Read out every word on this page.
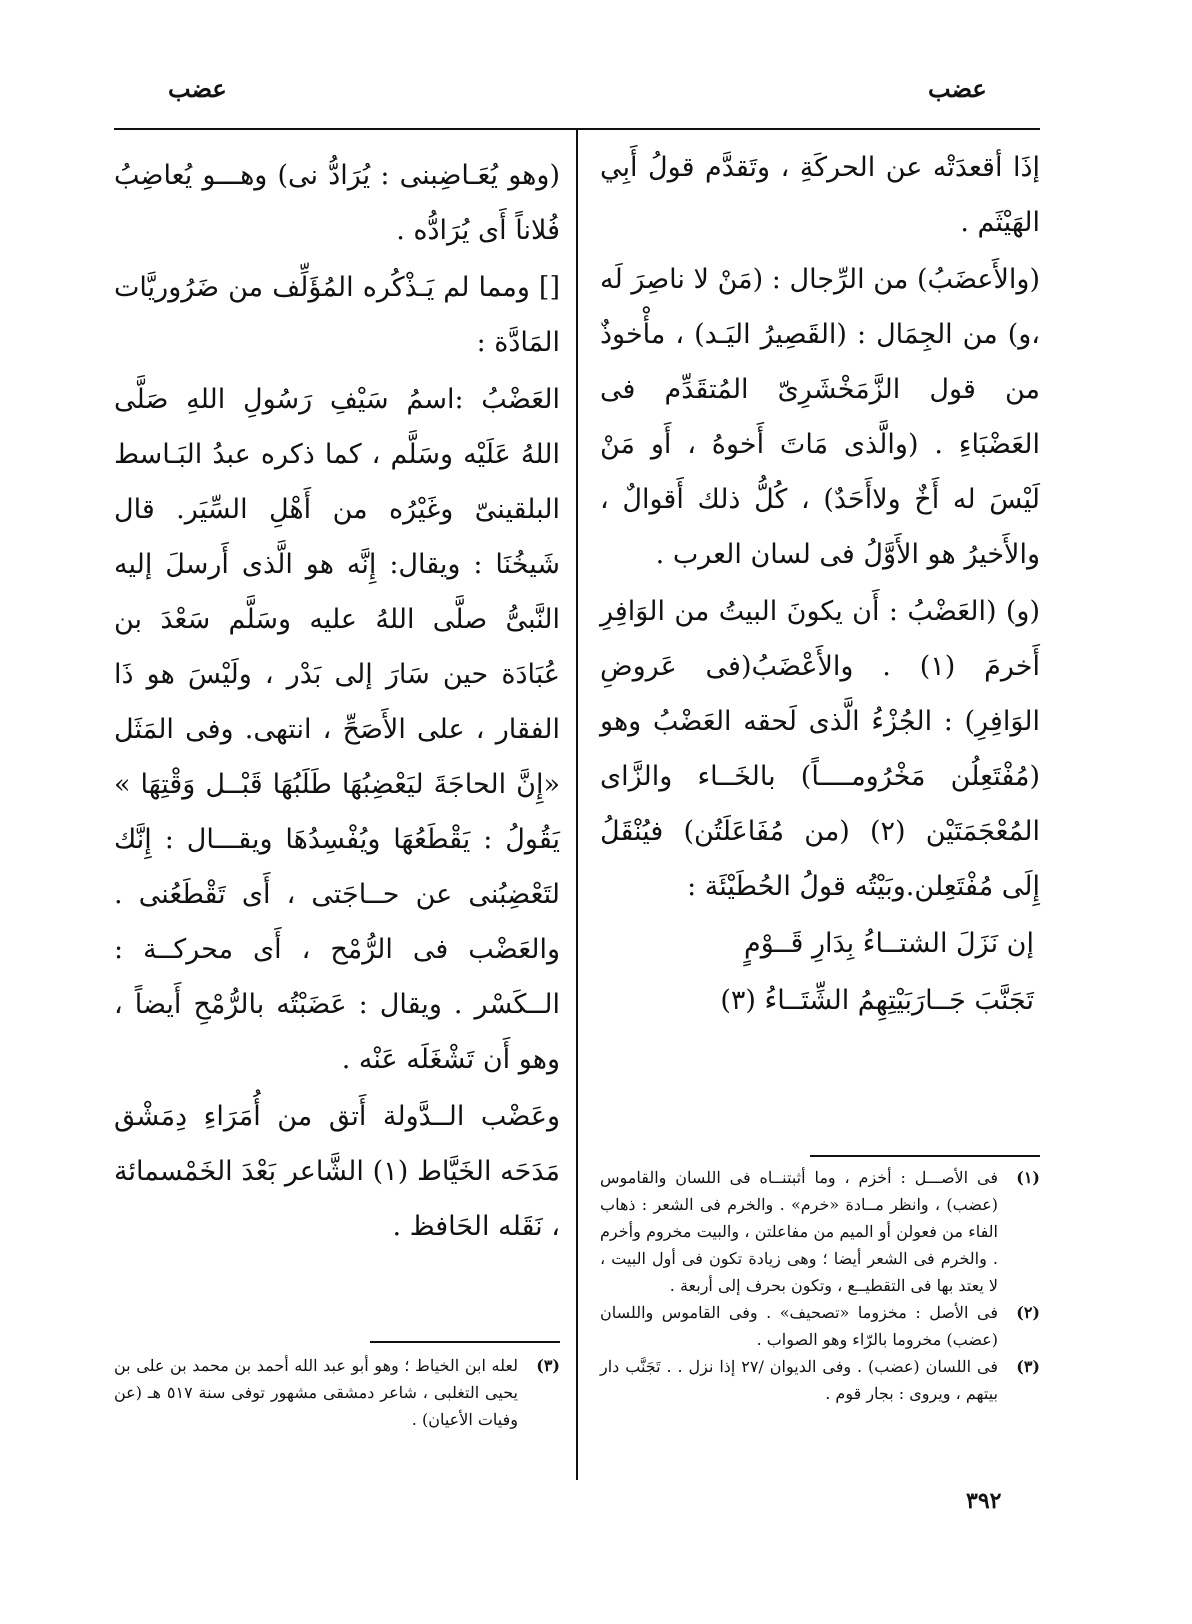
عضب
عضب

إذَا أقعدَتْه عن الحركَةِ ، وتَقدَّم قولُ أَبِي الهَيْثَم .

(والأَعضَبُ) من الرِّجال : (مَنْ لا ناصِرَ لَه ،و) من الجِمَال : (القَصِيرُ اليَـد) ، مأْخوذٌ من قول الزَّمَخْشَرِىّ المُتقَدِّم فى العَضْبَاءِ . (والَّذى مَاتَ أَخوهُ ، أَو مَنْ لَيْسَ له أَخٌ ولاأَحَدٌ) ، كُلُّ ذلك أَقوالٌ ، والأَخيرُ هو الأَوَّلُ فى لسان العرب .

(و) (العَضْبُ : أَن يكونَ البيتُ من الوَافِرِ أَخرمَ (١) . والأَعْضَبُ(فى عَروضِ الوَافِرِ) : الجُزْءُ الَّذى لَحقه العَضْبُ وهو (مُفْتَعِلُن مَخْرُومــــاً) بالخَــاء والزَّاى المُعْجَمَتَيْن (٢) (من مُفَاعَلَتُن) فيُنْقَلُ إِلَى مُفْتَعِلن.وبَيْتُه قولُ الحُطَيْئَة :

إن نَزَلَ الشتــاءُ بِدَارِ قَــوْمٍ

تَجَنَّبَ جَــارَبَيْتِهِمُ الشِّتَــاءُ (٣)

(وهو يُعَـاضِبنى : يُرَادُّ نى) وهـــو يُعاضِبُ فُلاناً أَى يُرَادُّه .

[] ومما لم يَـذْكُره المُؤَلِّف من ضَرُوريَّات المَادَّة :

العَضْبُ :اسمُ سَيْفِ رَسُولِ اللهِ صَلَّى اللهُ عَلَيْه وسَلَّم ، كما ذكره عبدُ البَـاسط البلقينىّ وغَيْرُه من أَهْلِ السِّيَر. قال شَيخُنَا : ويقال: إِنَّه هو الَّذى أَرسلَ إليه النَّبىُّ صلَّى اللهُ عليه وسَلَّم سَعْدَ بن عُبَادَة حين سَارَ إلى بَدْر ، ولَيْسَ هو ذَا الفقار ، على الأَصَحِّ ، انتهى. وفى المَثَل «إِنَّ الحاجَةَ ليَعْضِبُهَا طَلَبُهَا قَبْــل وَقْتِهَا » يَقُولُ : يَقْطَعُهَا ويُفْسِدُهَا ويقـــال : إِنَّك لتَعْضِبُنى عن حــاجَتى ، أَى تَقْطَعُنى . والعَضْب فى الرُّمْح ، أَى محركــة : الــكَسْر . ويقال : عَضَبْتُه بالرُّمْحِ أَيضاً ، وهو أَن تَشْغَلَه عَنْه .

وعَضْب الــدَّولة أَتق من أُمَرَاءِ دِمَشْق مَدَحَه الخَيَّاط (١) الشَّاعر بَعْدَ الخَمْسمائة ، نَقَله الحَافظ .

(١)
فى الأصـــل : أخزم ، وما أثبتنــاه فى اللسان والقاموس (عضب) ، وانظر مــادة «خرم» . والخرم فى الشعر : ذهاب الفاء من فعولن أو الميم من مفاعلتن ، والبيت مخروم وأخرم . والخرم فى الشعر أيضا ؛ وهى زيادة تكون فى أول البيت ، لا يعتد بها فى التقطيــع ، وتكون بحرف إلى أربعة .
(٢)
فى الأصل : مخزوما «تصحيف» . وفى القاموس واللسان (عضب) مخروما بالرّاء وهو الصواب .
(٣)
فى اللسان (عضب) . وفى الديوان /٢٧ إذا نزل . . تَجَنَّب دار بيتهم ، ويروى : بجار قوم .
(٣)
لعله ابن الخياط ؛ وهو أبو عبد الله أحمد بن محمد بن على بن يحيى التغلبى ، شاعر دمشقى مشهور توفى سنة ٥١٧ هـ (عن وفيات الأعيان) .
٣٩٢
